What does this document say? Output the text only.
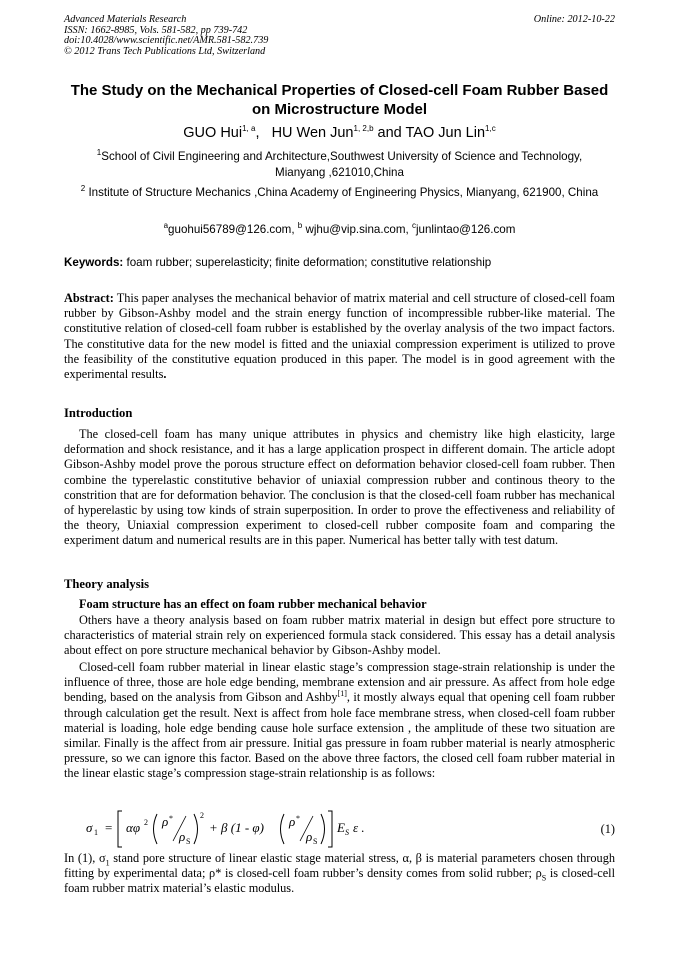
Advanced Materials Research
ISSN: 1662-8985, Vols. 581-582, pp 739-742
doi:10.4028/www.scientific.net/AMR.581-582.739
© 2012 Trans Tech Publications Ltd, Switzerland
Online: 2012-10-22
The Study on the Mechanical Properties of Closed-cell Foam Rubber Based on Microstructure Model
GUO Hui$^{1, a}$,   HU Wen Jun$^{1, 2,b}$ and TAO Jun Lin$^{1,c}$
$^1$School of Civil Engineering and Architecture,Southwest University of Science and Technology, Mianyang ,621010,China
$^2$ Institute of Structure Mechanics ,China Academy of Engineering Physics, Mianyang, 621900, China
$^a$guohui56789@126.com, $^b$ wjhu@vip.sina.com, $^c$junlintao@126.com
Keywords: foam rubber; superelasticity; finite deformation; constitutive relationship
Abstract: This paper analyses the mechanical behavior of matrix material and cell structure of closed-cell foam rubber by Gibson-Ashby model and the strain energy function of incompressible rubber-like material. The constitutive relation of closed-cell foam rubber is established by the overlay analysis of the two impact factors. The constitutive data for the new model is fitted and the uniaxial compression experiment is utilized to prove the feasibility of the constitutive equation produced in this paper. The model is in good agreement with the experimental results.
Introduction
The closed-cell foam has many unique attributes in physics and chemistry like high elasticity, large deformation and shock resistance, and it has a large application prospect in different domain. The article adopt Gibson-Ashby model prove the porous structure effect on deformation behavior closed-cell foam rubber. Then combine the typerelastic constitutive behavior of uniaxial compression rubber and continous theory to the constrition that are for deformation behavior. The conclusion is that the closed-cell foam rubber has mechanical of hyperelastic by using tow kinds of strain superposition. In order to prove the effectiveness and reliability of the theory, Uniaxial compression experiment to closed-cell rubber composite foam and comparing the experiment datum and numerical results are in this paper. Numerical has better tally with test datum.
Theory analysis
Foam structure has an effect on foam rubber mechanical behavior
Others have a theory analysis based on foam rubber matrix material in design but effect pore structure to characteristics of material strain rely on experienced formula stack considered. This essay has a detail analysis about effect on pore structure mechanical behavior by Gibson-Ashby model.
Closed-cell foam rubber material in linear elastic stage’s compression stage-strain relationship is under the influence of three, those are hole edge bending, membrane extension and air pressure. As affect from hole edge bending, based on the analysis from Gibson and Ashby[1], it mostly always equal that opening cell foam rubber through calculation get the result. Next is affect from hole face membrane stress, when closed-cell foam rubber material is loading, hole edge bending cause hole surface extension , the amplitude of these two situation are similar. Finally is the affect from air pressure. Initial gas pressure in foam rubber material is nearly atmospheric pressure, so we can ignore this factor. Based on the above three factors, the closed cell foam rubber material in the linear elastic stage’s compression stage-strain relationship is as follows:
σ 1 = αφ 2 ρ *
ρ S
2
+ β (1 - φ) ρ *
ρ S
E S ε .	(1)
In (1), $\sigma_1$ stand pore structure of linear elastic stage material stress, α, β is material parameters chosen through fitting by experimental data; ρ* is closed-cell foam rubber’s density comes from solid rubber; $\rho_S$ is closed-cell foam rubber matrix material’s elastic modulus.
